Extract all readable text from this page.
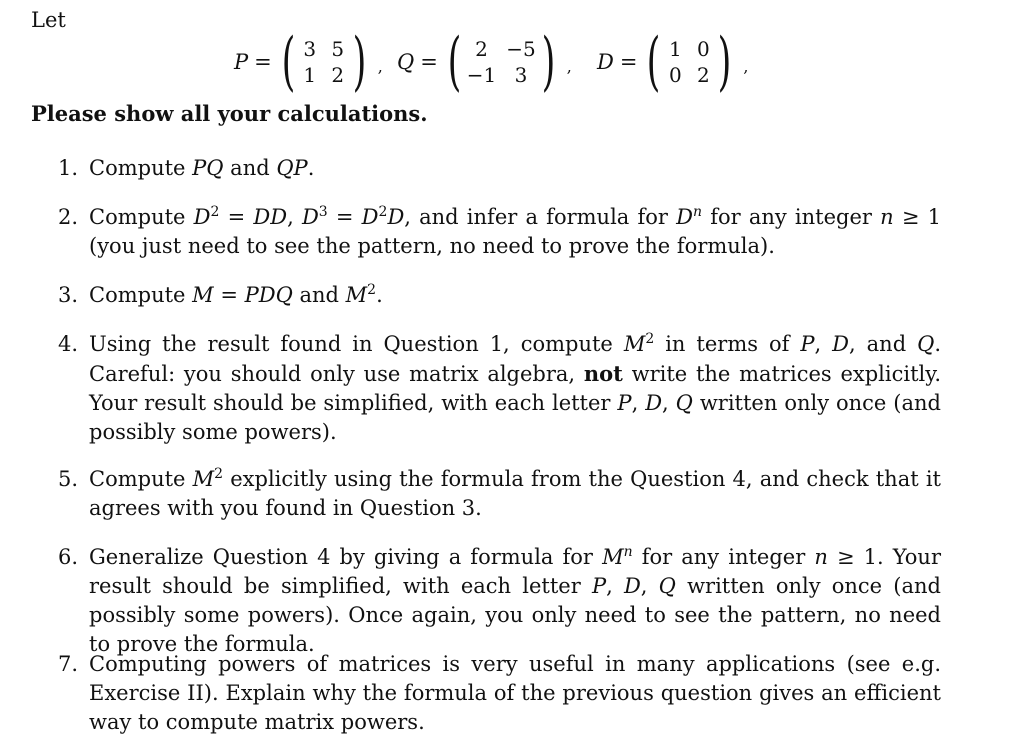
Let
P = ( 3 5
1 2 ) , Q = ( 2 −5
−1 3 ) , D = ( 1 0
0 2 ) ,
Please show all your calculations.
1. Compute PQ and QP.
2. Compute $D^2$ = DD, $D^3 = D^2D$, and infer a formula for $D^n$ for any integer n ≥ 1 (you just need to see the pattern, no need to prove the formula).
3. Compute M = PDQ and $M^2$.
4. Using the result found in Question 1, compute $M^2$ in terms of P, D, and Q. Careful: you should only use matrix algebra, not write the matrices explicitly. Your result should be simplified, with each letter P, D, Q written only once (and possibly some powers).
5. Compute $M^2$ explicitly using the formula from the Question 4, and check that it agrees with you found in Question 3.
6. Generalize Question 4 by giving a formula for $M^n$ for any integer n ≥ 1. Your result should be simplified, with each letter P, D, Q written only once (and possibly some powers). Once again, you only need to see the pattern, no need to prove the formula.
7. Computing powers of matrices is very useful in many applications (see e.g. Exercise II). Explain why the formula of the previous question gives an efficient way to compute matrix powers.
